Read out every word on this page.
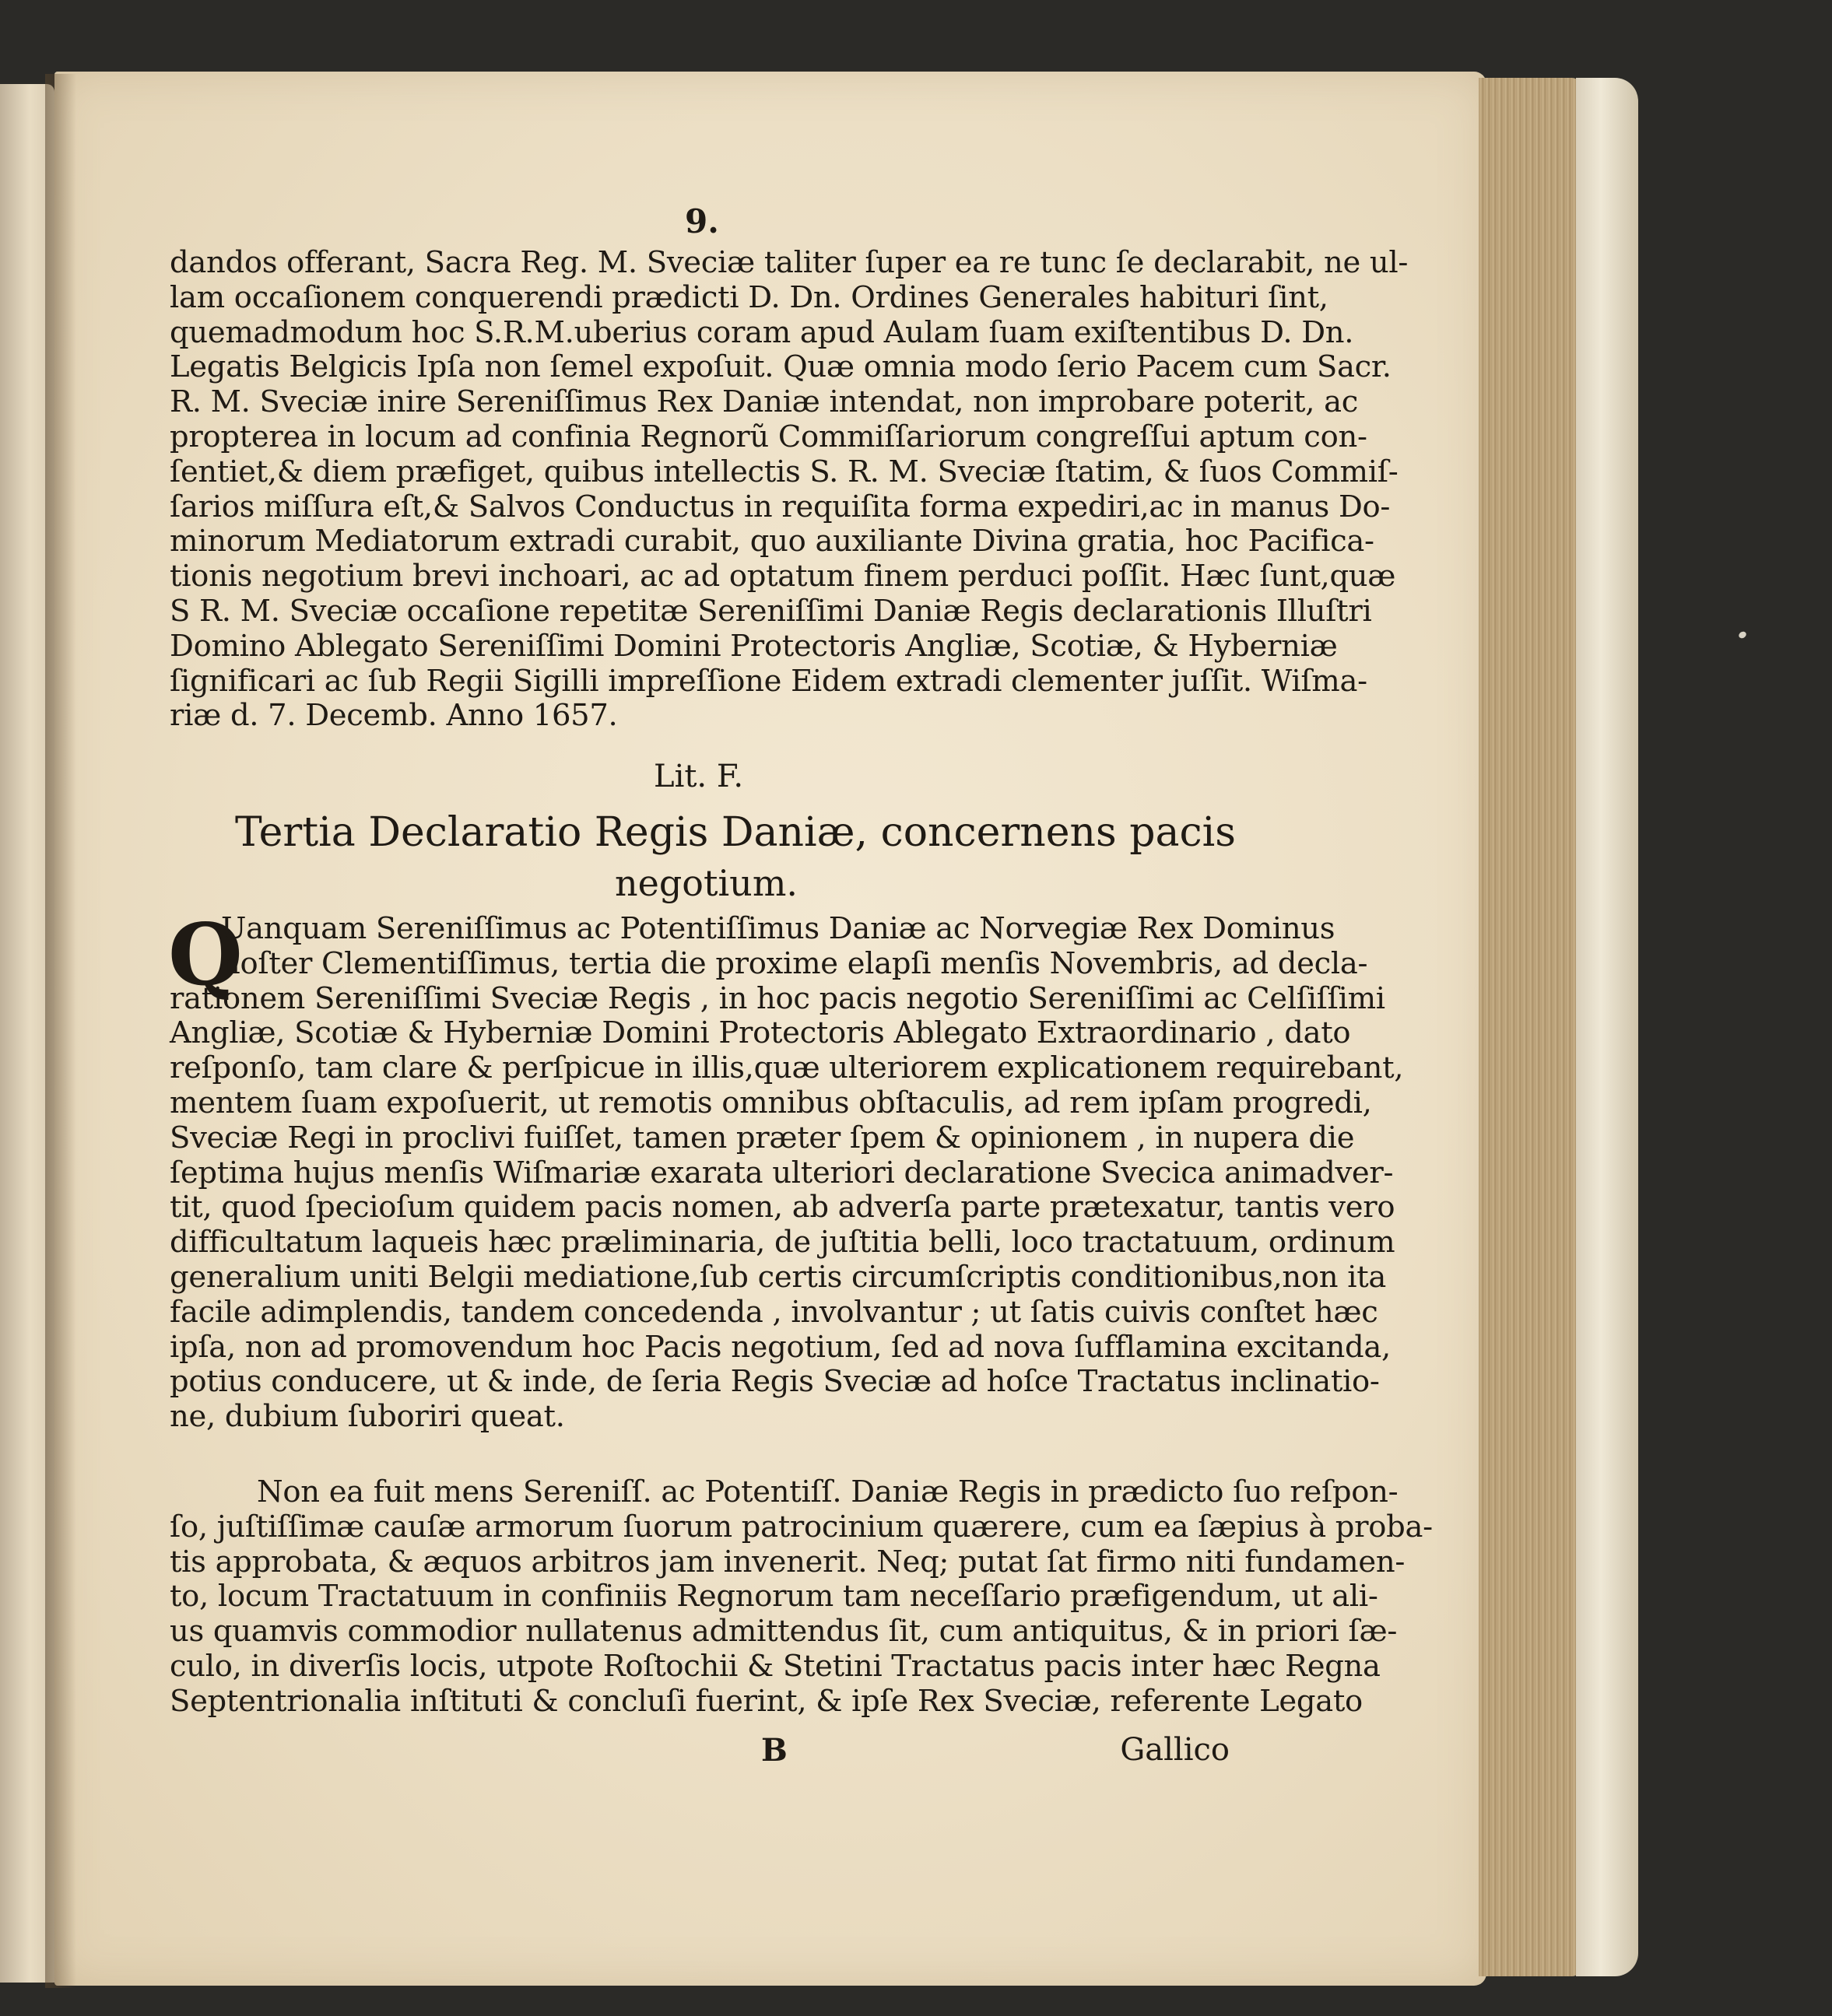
9.
dandos offerant, Sacra Reg. M. Sveciæ taliter ſuper ea re tunc ſe declarabit, ne ul-
lam occaſionem conquerendi prædicti D. Dn. Ordines Generales habituri ſint,
quemadmodum hoc S.R.M.uberius coram apud Aulam ſuam exiſtentibus D. Dn.
Legatis Belgicis Ipſa non ſemel expoſuit. Quæ omnia modo ſerio Pacem cum Sacr.
R. M. Sveciæ inire Sereniſſimus Rex Daniæ intendat, non improbare poterit, ac
propterea in locum ad confinia Regnorũ Commiſſariorum congreſſui aptum con-
ſentiet,& diem præfiget, quibus intellectis S. R. M. Sveciæ ſtatim, & ſuos Commiſ-
ſarios miſſura eſt,& Salvos Conductus in requiſita forma expediri,ac in manus Do-
minorum Mediatorum extradi curabit, quo auxiliante Divina gratia, hoc Pacifica-
tionis negotium brevi inchoari, ac ad optatum finem perduci poſſit. Hæc ſunt,quæ
S R. M. Sveciæ occaſione repetitæ Sereniſſimi Daniæ Regis declarationis Illuſtri
Domino Ablegato Sereniſſimi Domini Protectoris Angliæ, Scotiæ, & Hyberniæ
ſignificari ac ſub Regii Sigilli impreſſione Eidem extradi clementer juſſit. Wiſma-
riæ d. 7. Decemb. Anno 1657.
Lit. F.
Tertia Declaratio Regis Daniæ, concernens pacis
negotium.
Q
Uanquam Sereniſſimus ac Potentiſſimus Daniæ ac Norvegiæ Rex Dominus
noſter Clementiſſimus, tertia die proxime elapſi menſis Novembris, ad decla-
rationem Sereniſſimi Sveciæ Regis , in hoc pacis negotio Sereniſſimi ac Celſiſſimi
Angliæ, Scotiæ & Hyberniæ Domini Protectoris Ablegato Extraordinario , dato
reſponſo, tam clare & perſpicue in illis,quæ ulteriorem explicationem requirebant,
mentem ſuam expoſuerit, ut remotis omnibus obſtaculis, ad rem ipſam progredi,
Sveciæ Regi in proclivi fuiſſet, tamen præter ſpem & opinionem , in nupera die
ſeptima hujus menſis Wiſmariæ exarata ulteriori declaratione Svecica animadver-
tit, quod ſpecioſum quidem pacis nomen, ab adverſa parte prætexatur, tantis vero
difficultatum laqueis hæc præliminaria, de juſtitia belli, loco tractatuum, ordinum
generalium uniti Belgii mediatione,ſub certis circumſcriptis conditionibus,non ita
facile adimplendis, tandem concedenda , involvantur ; ut ſatis cuivis conſtet hæc
ipſa, non ad promovendum hoc Pacis negotium, ſed ad nova ſufflamina excitanda,
potius conducere, ut & inde, de ſeria Regis Sveciæ ad hoſce Tractatus inclinatio-
ne, dubium ſuboriri queat.
Non ea fuit mens Sereniſſ. ac Potentiſſ. Daniæ Regis in prædicto ſuo reſpon-
ſo, juſtiſſimæ cauſæ armorum ſuorum patrocinium quærere, cum ea ſæpius à proba-
tis approbata, & æquos arbitros jam invenerit. Neq; putat ſat firmo niti fundamen-
to, locum Tractatuum in confiniis Regnorum tam neceſſario præfigendum, ut ali-
us quamvis commodior nullatenus admittendus ſit, cum antiquitus, & in priori ſæ-
culo, in diverſis locis, utpote Roſtochii & Stetini Tractatus pacis inter hæc Regna
Septentrionalia inſtituti & concluſi fuerint, & ipſe Rex Sveciæ, referente Legato
B	Gallico
